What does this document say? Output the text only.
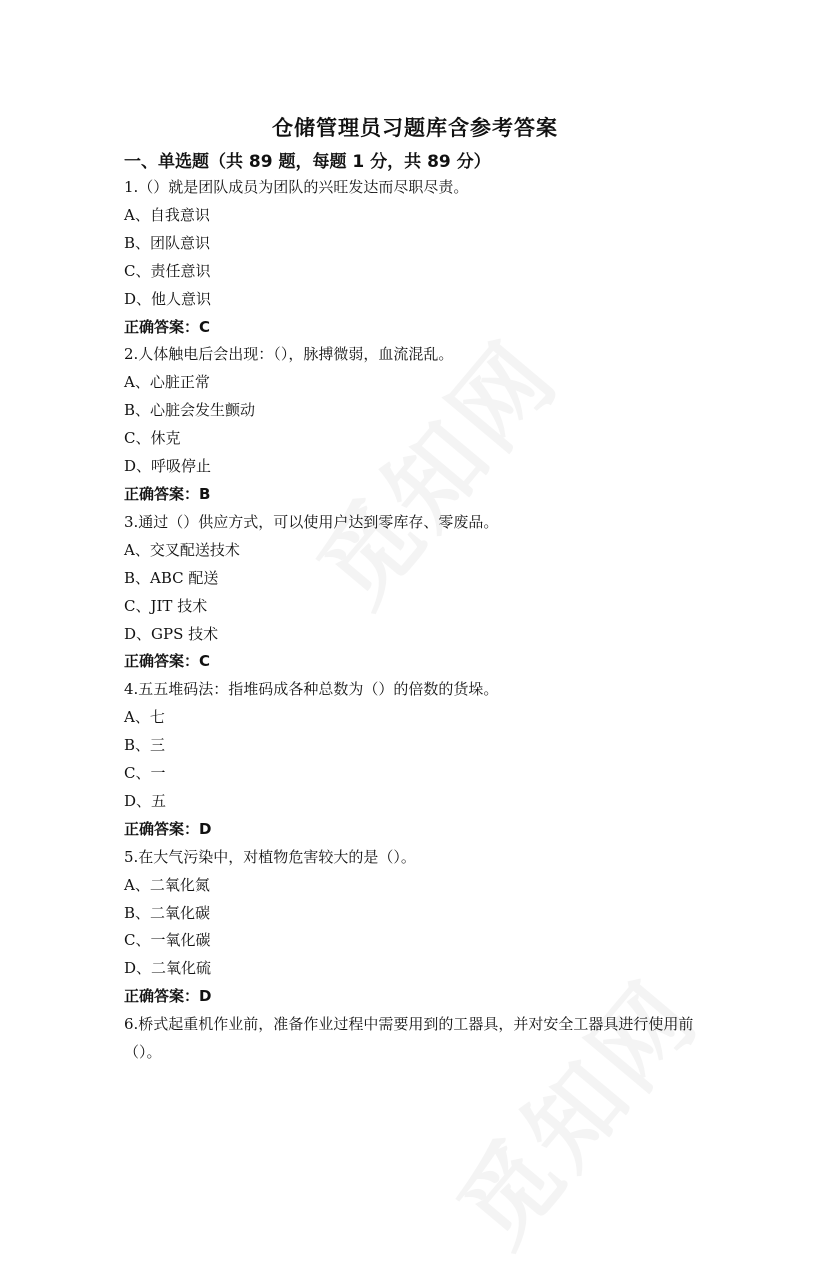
仓储管理员习题库含参考答案
一、单选题（共 89 题，每题 1 分，共 89 分）
1.（）就是团队成员为团队的兴旺发达而尽职尽责。
A、自我意识
B、团队意识
C、责任意识
D、他人意识
正确答案：C
2.人体触电后会出现：（），脉搏微弱，血流混乱。
A、心脏正常
B、心脏会发生颤动
C、休克
D、呼吸停止
正确答案：B
3.通过（）供应方式，可以使用户达到零库存、零废品。
A、交叉配送技术
B、ABC 配送
C、JIT 技术
D、GPS 技术
正确答案：C
4.五五堆码法：指堆码成各种总数为（）的倍数的货垛。
A、七
B、三
C、一
D、五
正确答案：D
5.在大气污染中，对植物危害较大的是（）。
A、二氧化氮
B、二氧化碳
C、一氧化碳
D、二氧化硫
正确答案：D
6.桥式起重机作业前，准备作业过程中需要用到的工器具，并对安全工器具进行使用前（）。
